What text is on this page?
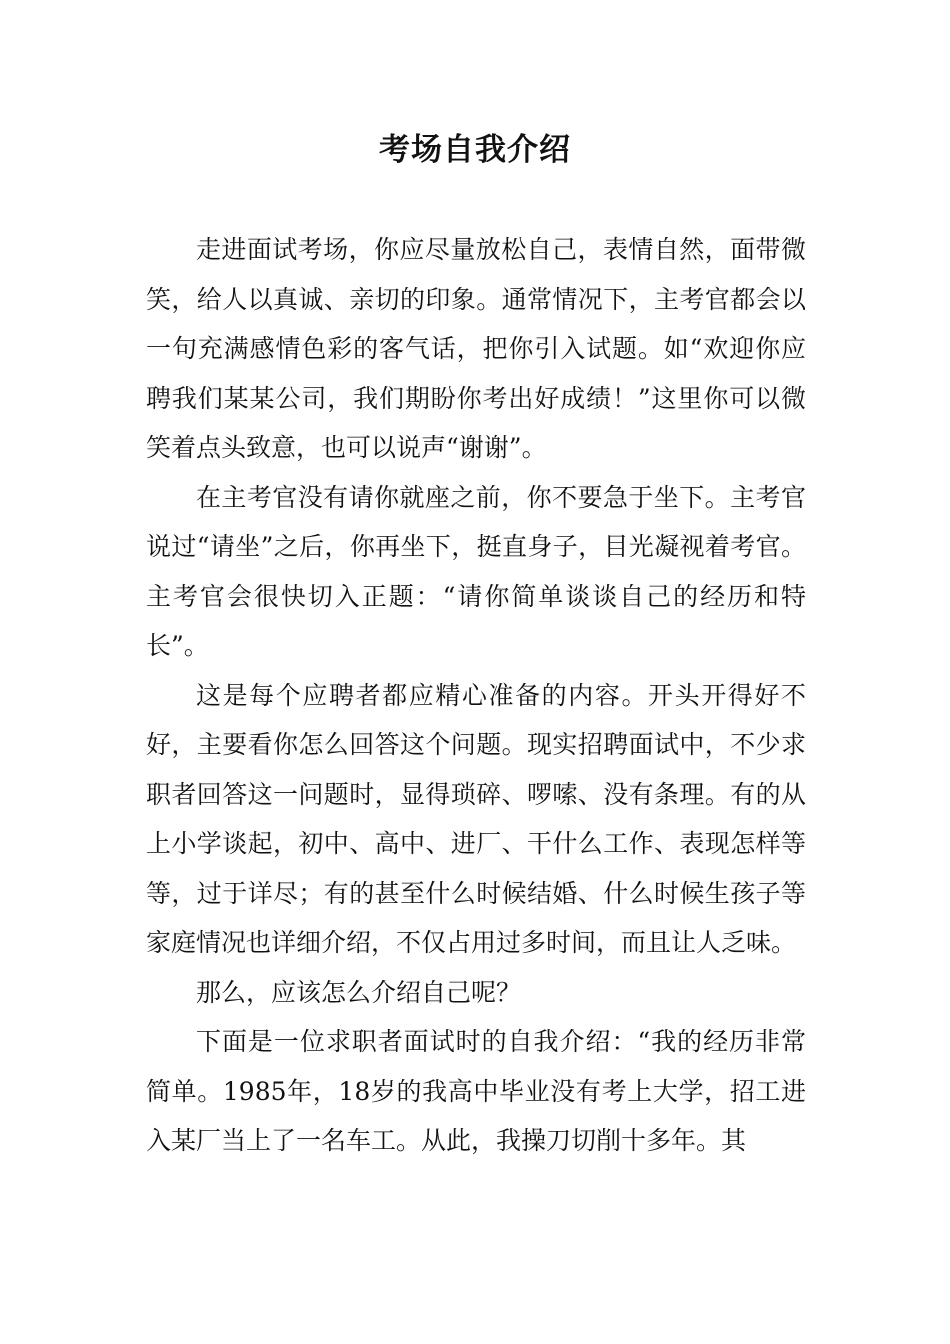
考场自我介绍

走进面试考场，你应尽量放松自己，表情自然，面带微笑，给人以真诚、亲切的印象。通常情况下，主考官都会以一句充满感情色彩的客气话，把你引入试题。如“欢迎你应聘我们某某公司，我们期盼你考出好成绩！”这里你可以微笑着点头致意，也可以说声“谢谢”。

在主考官没有请你就座之前，你不要急于坐下。主考官说过“请坐”之后，你再坐下，挺直身子，目光凝视着考官。主考官会很快切入正题：“请你简单谈谈自己的经历和特长”。

这是每个应聘者都应精心准备的内容。开头开得好不好，主要看你怎么回答这个问题。现实招聘面试中，不少求职者回答这一问题时，显得琐碎、啰嗦、没有条理。有的从上小学谈起，初中、高中、进厂、干什么工作、表现怎样等等，过于详尽；有的甚至什么时候结婚、什么时候生孩子等家庭情况也详细介绍，不仅占用过多时间，而且让人乏味。

那么，应该怎么介绍自己呢？

下面是一位求职者面试时的自我介绍：“我的经历非常简单。1985年，18岁的我高中毕业没有考上大学，招工进入某厂当上了一名车工。从此，我操刀切削十多年。其
